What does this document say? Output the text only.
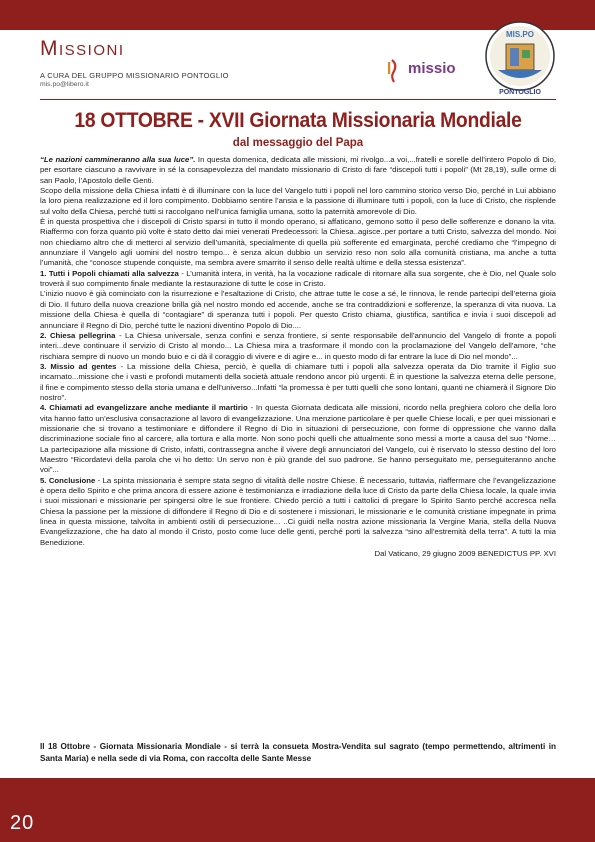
Missioni
A CURA DEL GRUPPO MISSIONARIO PONTOGLIO
mis.po@libero.it
missio
MIS.PO
PONTOGLIO
18 OTTOBRE - XVII Giornata Missionaria Mondiale
dal messaggio del Papa

“Le nazioni cammineranno alla sua luce”. In questa domenica, dedicata alle missioni, mi rivolgo...a voi,...fratelli e sorelle dell’intero Popolo di Dio, per esortare ciascuno a ravvivare in sé la consapevolezza del mandato missionario di Cristo di fare “discepoli tutti i popoli” (Mt 28,19), sulle orme di san Paolo, l’Apostolo delle Genti.

Scopo della missione della Chiesa infatti è di illuminare con la luce del Vangelo tutti i popoli nel loro cammino storico verso Dio, perché in Lui abbiano la loro piena realizzazione ed il loro compimento. Dobbiamo sentire l’ansia e la passione di illuminare tutti i popoli, con la luce di Cristo, che risplende sul volto della Chiesa, perché tutti si raccolgano nell’unica famiglia umana, sotto la paternità amorevole di Dio.

È in questa prospettiva che i discepoli di Cristo sparsi in tutto il mondo operano, si affaticano, gemono sotto il peso delle sofferenze e donano la vita. Riaffermo con forza quanto più volte è stato detto dai miei venerati Predecessori: la Chiesa..agisce..per portare a tutti Cristo, salvezza del mondo. Noi non chiediamo altro che di metterci al servizio dell’umanità, specialmente di quella più sofferente ed emarginata, perché crediamo che “l’impegno di annunziare il Vangelo agli uomini del nostro tempo... è senza alcun dubbio un servizio reso non solo alla comunità cristiana, ma anche a tutta l’umanità, che “conosce stupende conquiste, ma sembra avere smarrito il senso delle realtà ultime e della stessa esistenza”.

1. Tutti i Popoli chiamati alla salvezza - L’umanità intera, in verità, ha la vocazione radicale di ritornare alla sua sorgente, che è Dio, nel Quale solo troverà il suo compimento finale mediante la restaurazione di tutte le cose in Cristo.

L’inizio nuovo è già cominciato con la risurrezione e l’esaltazione di Cristo, che attrae tutte le cose a sé, le rinnova, le rende partecipi dell’eterna gioia di Dio. Il futuro della nuova creazione brilla già nel nostro mondo ed accende, anche se tra contraddizioni e sofferenze, la speranza di vita nuova. La missione della Chiesa è quella di “contagiare” di speranza tutti i popoli. Per questo Cristo chiama, giustifica, santifica e invia i suoi discepoli ad annunciare il Regno di Dio, perché tutte le nazioni diventino Popolo di Dio....

2. Chiesa pellegrina - La Chiesa universale, senza confini e senza frontiere, si sente responsabile dell’annuncio del Vangelo di fronte a popoli interi...deve continuare il servizio di Cristo al mondo... La Chiesa mira a trasformare il mondo con la proclamazione del Vangelo dell’amore, “che rischiara sempre di nuovo un mondo buio e ci dà il coraggio di vivere e di agire e... in questo modo di far entrare la luce di Dio nel mondo”...

3. Missio ad gentes - La missione della Chiesa, perciò, è quella di chiamare tutti i popoli alla salvezza operata da Dio tramite il Figlio suo incarnato...missione che i vasti e profondi mutamenti della società attuale rendono ancor più urgenti. È in questione la salvezza eterna delle persone, il fine e compimento stesso della storia umana e dell’universo...Infatti “la promessa è per tutti quelli che sono lontani, quanti ne chiamerà il Signore Dio nostro”.

4. Chiamati ad evangelizzare anche mediante il martirio - In questa Giornata dedicata alle missioni, ricordo nella preghiera coloro che della loro vita hanno fatto un’esclusiva consacrazione al lavoro di evangelizzazione. Una menzione particolare è per quelle Chiese locali, e per quei missionari e missionarie che si trovano a testimoniare e diffondere il Regno di Dio in situazioni di persecuzione, con forme di oppressione che vanno dalla discriminazione sociale fino al carcere, alla tortura e alla morte. Non sono pochi quelli che attualmente sono messi a morte a causa del suo “Nome…La partecipazione alla missione di Cristo, infatti, contrassegna anche il vivere degli annunciatori del Vangelo, cui è riservato lo stesso destino del loro Maestro “Ricordatevi della parola che vi ho detto: Un servo non è più grande del suo padrone. Se hanno perseguitato me, perseguiteranno anche voi”...

5. Conclusione - La spinta missionaria è sempre stata segno di vitalità delle nostre Chiese. È necessario, tuttavia, riaffermare che l’evangelizzazione è opera dello Spirito e che prima ancora di essere azione è testimonianza e irradiazione della luce di Cristo da parte della Chiesa locale, la quale invia i suoi missionari e missionarie per spingersi oltre le sue frontiere. Chiedo perciò a tutti i cattolici di pregare lo Spirito Santo perché accresca nella Chiesa la passione per la missione di diffondere il Regno di Dio e di sostenere i missionari, le missionarie e le comunità cristiane impegnate in prima linea in questa missione, talvolta in ambienti ostili di persecuzione... ..Ci guidi nella nostra azione missionaria la Vergine Maria, stella della Nuova Evangelizzazione, che ha dato al mondo il Cristo, posto come luce delle genti, perché porti la salvezza “sino all’estremità della terra”. A tutti la mia Benedizione.

Dal Vaticano, 29 giugno 2009 BENEDICTUS PP. XVI

Il 18 Ottobre - Giornata Missionaria Mondiale - si terrà la consueta Mostra-Vendita sul sagrato (tempo permettendo, altrimenti in Santa Maria) e nella sede di via Roma, con raccolta delle Sante Messe
20
